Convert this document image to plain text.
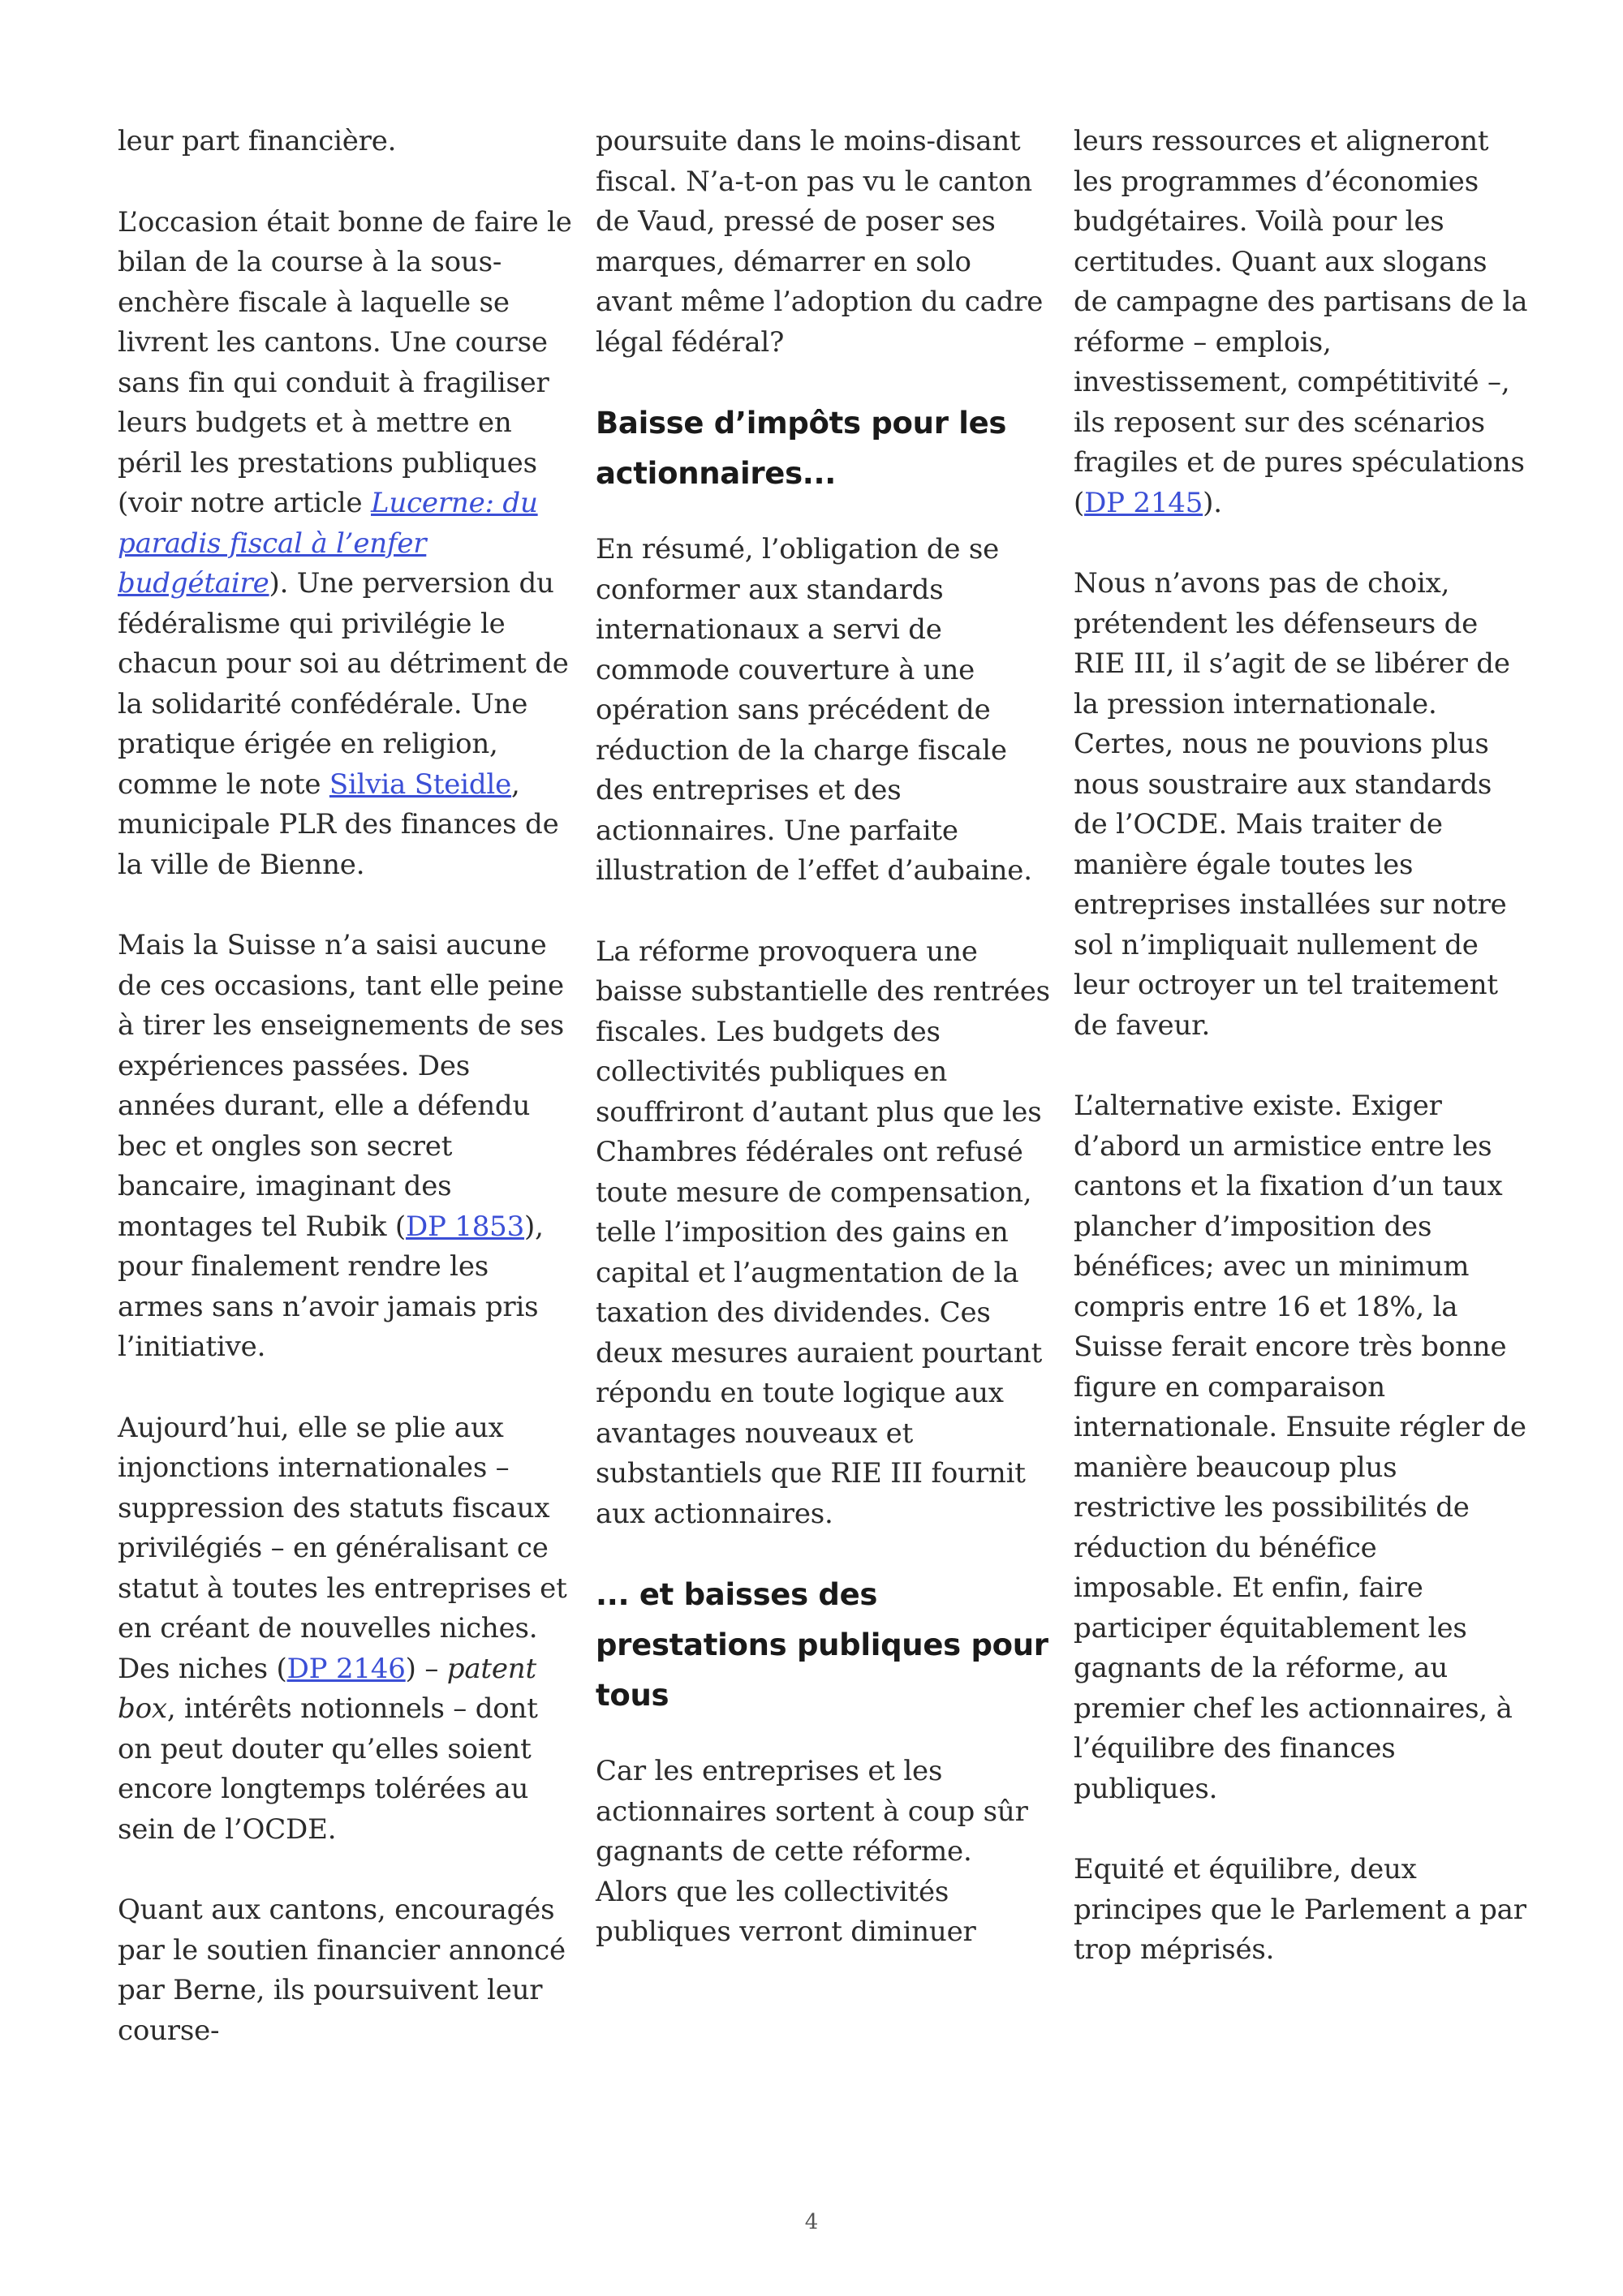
leur part financière.

L’occasion était bonne de faire le bilan de la course à la sous-enchère fiscale à laquelle se livrent les cantons. Une course sans fin qui conduit à fragiliser leurs budgets et à mettre en péril les prestations publiques (voir notre article Lucerne: du paradis fiscal à l’enfer budgétaire). Une perversion du fédéralisme qui privilégie le chacun pour soi au détriment de la solidarité confédérale. Une pratique érigée en religion, comme le note Silvia Steidle, municipale PLR des finances de la ville de Bienne.

Mais la Suisse n’a saisi aucune de ces occasions, tant elle peine à tirer les enseignements de ses expériences passées. Des années durant, elle a défendu bec et ongles son secret bancaire, imaginant des montages tel Rubik (DP 1853), pour finalement rendre les armes sans n’avoir jamais pris l’initiative.

Aujourd’hui, elle se plie aux injonctions internationales – suppression des statuts fiscaux privilégiés – en généralisant ce statut à toutes les entreprises et en créant de nouvelles niches. Des niches (DP 2146) – patent box, intérêts notionnels – dont on peut douter qu’elles soient encore longtemps tolérées au sein de l’OCDE.

Quant aux cantons, encouragés par le soutien financier annoncé par Berne, ils poursuivent leur course-

poursuite dans le moins-disant fiscal. N’a-t-on pas vu le canton de Vaud, pressé de poser ses marques, démarrer en solo avant même l’adoption du cadre légal fédéral?

Baisse d’impôts pour les actionnaires...

En résumé, l’obligation de se conformer aux standards internationaux a servi de commode couverture à une opération sans précédent de réduction de la charge fiscale des entreprises et des actionnaires. Une parfaite illustration de l’effet d’aubaine.

La réforme provoquera une baisse substantielle des rentrées fiscales. Les budgets des collectivités publiques en souffriront d’autant plus que les Chambres fédérales ont refusé toute mesure de compensation, telle l’imposition des gains en capital et l’augmentation de la taxation des dividendes. Ces deux mesures auraient pourtant répondu en toute logique aux avantages nouveaux et substantiels que RIE III fournit aux actionnaires.

... et baisses des prestations publiques pour tous

Car les entreprises et les actionnaires sortent à coup sûr gagnants de cette réforme. Alors que les collectivités publiques verront diminuer

leurs ressources et aligneront les programmes d’économies budgétaires. Voilà pour les certitudes. Quant aux slogans de campagne des partisans de la réforme – emplois, investissement, compétitivité –, ils reposent sur des scénarios fragiles et de pures spéculations (DP 2145).

Nous n’avons pas de choix, prétendent les défenseurs de RIE III, il s’agit de se libérer de la pression internationale. Certes, nous ne pouvions plus nous soustraire aux standards de l’OCDE. Mais traiter de manière égale toutes les entreprises installées sur notre sol n’impliquait nullement de leur octroyer un tel traitement de faveur.

L’alternative existe. Exiger d’abord un armistice entre les cantons et la fixation d’un taux plancher d’imposition des bénéfices; avec un minimum compris entre 16 et 18%, la Suisse ferait encore très bonne figure en comparaison internationale. Ensuite régler de manière beaucoup plus restrictive les possibilités de réduction du bénéfice imposable. Et enfin, faire participer équitablement les gagnants de la réforme, au premier chef les actionnaires, à l’équilibre des finances publiques.

Equité et équilibre, deux principes que le Parlement a par trop méprisés.

4
